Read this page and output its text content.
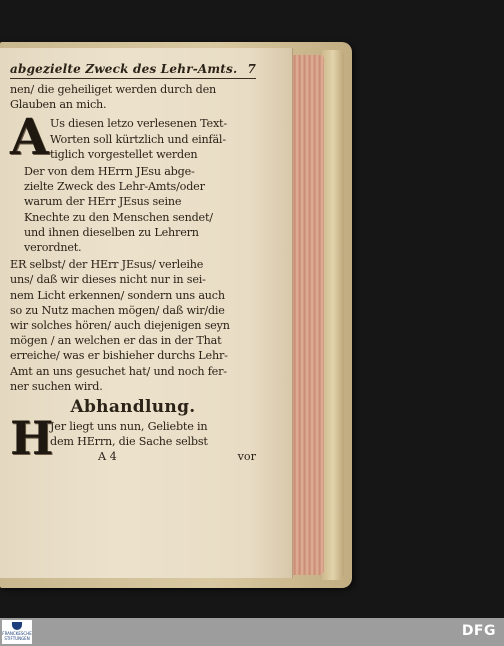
abgezielte Zweck des Lehr-Amts. 7
nen/ die geheiliget werden durch den
Glauben an mich.
A Us diesen letzo verlesenen Text-
Worten soll kürtzlich und einfäl-
tiglich vorgestellet werden
Der von dem HErrn JEsu abge-
zielte Zweck des Lehr-Amts/oder
warum der HErr JEsus seine
Knechte zu den Menschen sendet/
und ihnen dieselben zu Lehrern
verordnet.
ER selbst/ der HErr JEsus/ verleihe
uns/ daß wir dieses nicht nur in sei-
nem Licht erkennen/ sondern uns auch
so zu Nutz machen mögen/ daß wir/die
wir solches hören/ auch diejenigen seyn
mögen / an welchen er das in der That
erreiche/ was er bishieher durchs Lehr-
Amt an uns gesuchet hat/ und noch fer-
ner suchen wird.
Abhandlung.
H
Jer liegt uns nun, Geliebte in
dem HErrn, die Sache selbst
A 4	vor
FRANCKESCHE STIFTUNGEN	DFG
